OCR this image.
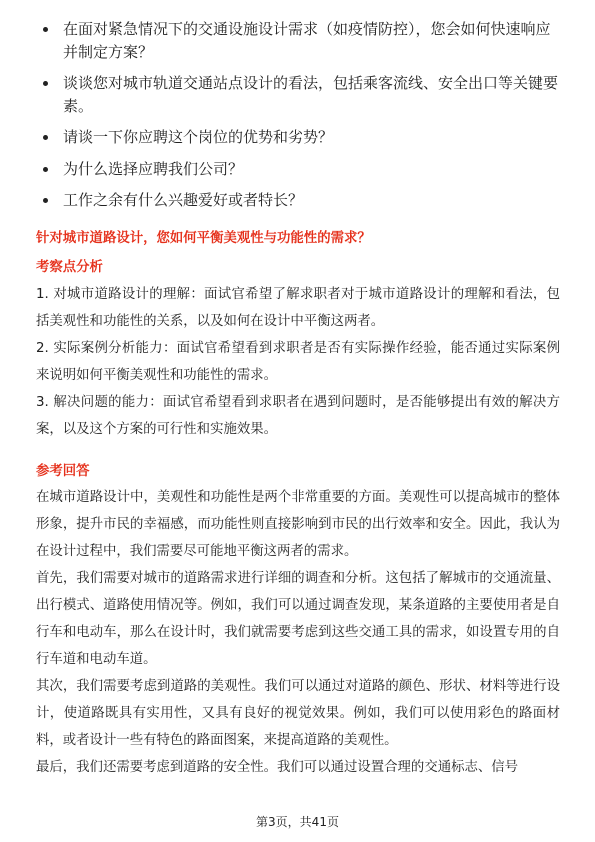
在面对紧急情况下的交通设施设计需求（如疫情防控），您会如何快速响应并制定方案？
谈谈您对城市轨道交通站点设计的看法，包括乘客流线、安全出口等关键要素。
请谈一下你应聘这个岗位的优势和劣势？
为什么选择应聘我们公司？
工作之余有什么兴趣爱好或者特长？
针对城市道路设计，您如何平衡美观性与功能性的需求？
考察点分析

1. 对城市道路设计的理解：面试官希望了解求职者对于城市道路设计的理解和看法，包括美观性和功能性的关系，以及如何在设计中平衡这两者。

2. 实际案例分析能力：面试官希望看到求职者是否有实际操作经验，能否通过实际案例来说明如何平衡美观性和功能性的需求。

3. 解决问题的能力：面试官希望看到求职者在遇到问题时，是否能够提出有效的解决方案，以及这个方案的可行性和实施效果。

参考回答

在城市道路设计中，美观性和功能性是两个非常重要的方面。美观性可以提高城市的整体形象，提升市民的幸福感，而功能性则直接影响到市民的出行效率和安全。因此，我认为在设计过程中，我们需要尽可能地平衡这两者的需求。

首先，我们需要对城市的道路需求进行详细的调查和分析。这包括了解城市的交通流量、出行模式、道路使用情况等。例如，我们可以通过调查发现，某条道路的主要使用者是自行车和电动车，那么在设计时，我们就需要考虑到这些交通工具的需求，如设置专用的自行车道和电动车道。

其次，我们需要考虑到道路的美观性。我们可以通过对道路的颜色、形状、材料等进行设计，使道路既具有实用性，又具有良好的视觉效果。例如，我们可以使用彩色的路面材料，或者设计一些有特色的路面图案，来提高道路的美观性。

最后，我们还需要考虑到道路的安全性。我们可以通过设置合理的交通标志、信号

第3页，共41页
